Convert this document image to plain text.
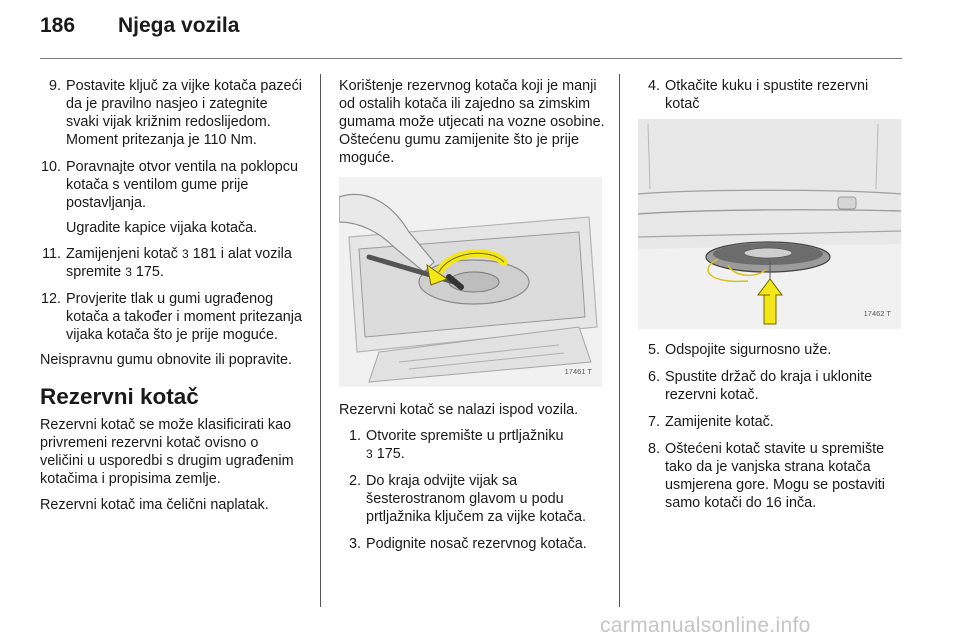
186	Njega vozila
9. Postavite ključ za vijke kotača pazeći da je pravilno nasjeo i zategnite svaki vijak križnim redoslijedom. Moment pritezanja je 110 Nm.
10. Poravnajte otvor ventila na poklopcu kotača s ventilom gume prije postavljanja.

Ugradite kapice vijaka kotača.

11. Zamijenjeni kotač 3 181 i alat vozila spremite 3 175.
12. Provjerite tlak u gumi ugrađenog kotača a također i moment pritezanja vijaka kotača što je prije moguće.

Neispravnu gumu obnovite ili popravite.

Rezervni kotač

Rezervni kotač se može klasificirati kao privremeni rezervni kotač ovisno o veličini u usporedbi s drugim ugrađenim kotačima i propisima zemlje.

Rezervni kotač ima čelični naplatak.

Korištenje rezervnog kotača koji je manji od ostalih kotača ili zajedno sa zimskim gumama može utjecati na vozne osobine. Oštećenu gumu zamijenite što je prije moguće.

17461 T

Rezervni kotač se nalazi ispod vozila.

1. Otvorite spremište u prtljažniku
3 175.
2. Do kraja odvijte vijak sa šesterostranom glavom u podu prtljažnika ključem za vijke kotača.
3. Podignite nosač rezervnog kotača.
4. Otkačite kuku i spustite rezervni kotač
17462 T
5. Odspojite sigurnosno uže.
6. Spustite držač do kraja i uklonite rezervni kotač.
7. Zamijenite kotač.
8. Oštećeni kotač stavite u spremište tako da je vanjska strana kotača usmjerena gore. Mogu se postaviti samo kotači do 16 inča.
carmanualsonline.info
